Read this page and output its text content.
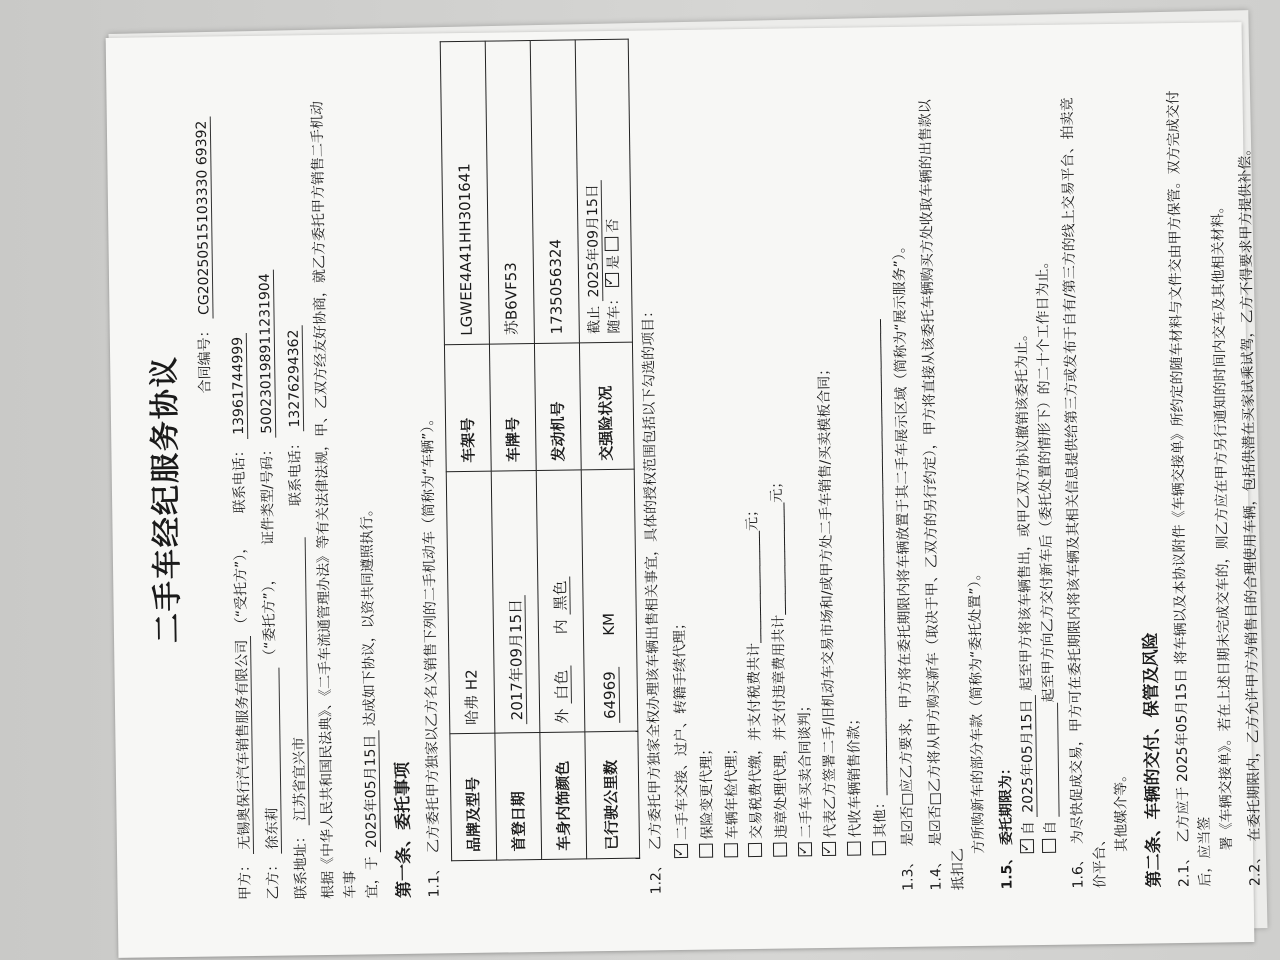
二手车经纪服务协议 合同编号： CG20250515103330 69392
甲方： 无锡奥保行汽车销售服务有限公司 （“受托方”）， 联系电话： 13961744999
乙方： 徐东莉 （“委托方”）， 证件类型/号码： 500230198911231904
联系地址： 江苏省宜兴市  联系电话： 13276294362 根据《中华人民共和国民法典》、《二手车流通管理办法》等有关法律法规，甲、乙双方经友好协商，就乙方委托甲方销售二手机动车事 宜，于 2025年05月15日 达成如下协议，以资共同遵照执行。
第一条、委托事项 1.1、 乙方委托甲方独家以乙方名义销售下列的二手机动车（简称为“车辆”）。 品牌及型号	哈弗 H2	车架号	LGWEE4A41HH301641
首登日期	2017年09月15日	车牌号	苏B6VF53
车身内饰颜色	外 白色  内 黑色	发动机号	1735056324
已行驶公里数	64969  KM	交强险状况	截止 2025年09月15日
随车： ✓是 否
1.2、 乙方委托甲方独家全权办理该车辆出售相关事宜，具体的授权范围包括以下勾选的项目：
✓ 二手车交接、过户、转籍手续代理； 保险变更代理； 车辆年检代理； 交易税费代缴，并支付税费共计________________元； 违章处理代理，并支付违章费用共计________________元；
✓ 二手车买卖合同谈判；
✓ 代表乙方签署二手/旧机动车交易市场和/或甲方处二手车销售/买卖模板合同； 代收车辆销售价款； 其他：____________________________________________________________________
1.3、 是☑否□应乙方要求，甲方将在委托期限内将车辆放置于其二手车展示区域（简称为“展示服务”）。
1.4、 是☑否□乙方将从甲方购买新车（取决于甲、乙双方的另行约定），甲方将直接从该委托车辆购买方处收取车辆的出售款以抵扣乙
方所购新车的部分车款（简称为“委托处置”）。
1.5、 委托期限为：
✓ 自 2025年05月15日 起至甲方将该车辆售出，或甲乙双方协议撤销该委托为止。
自 起至甲方向乙方交付新车后（委托处置的情形下）的二十个工作日为止。
1.6、 为尽快促成交易，甲方可在委托期限内将该车辆及其相关信息提供给第三方或发布于自有/第三方的线上交易平台、拍卖竞价平台、
其他媒介等。 第二条、车辆的交付、保管及风险 2.1、 乙方应于 2025年05月15日 将车辆以及本协议附件《车辆交接单》所约定的随车材料与文件交由甲方保管。双方完成交付后，应当签
署《车辆交接单》。若在上述日期未完成交车的，则乙方应在甲方另行通知的时间内交车及其他相关材料。
2.2、 在委托期限内，乙方允许甲方为销售目的合理使用车辆，包括供潜在买家试乘试驾，乙方不得要求甲方提供补偿。
